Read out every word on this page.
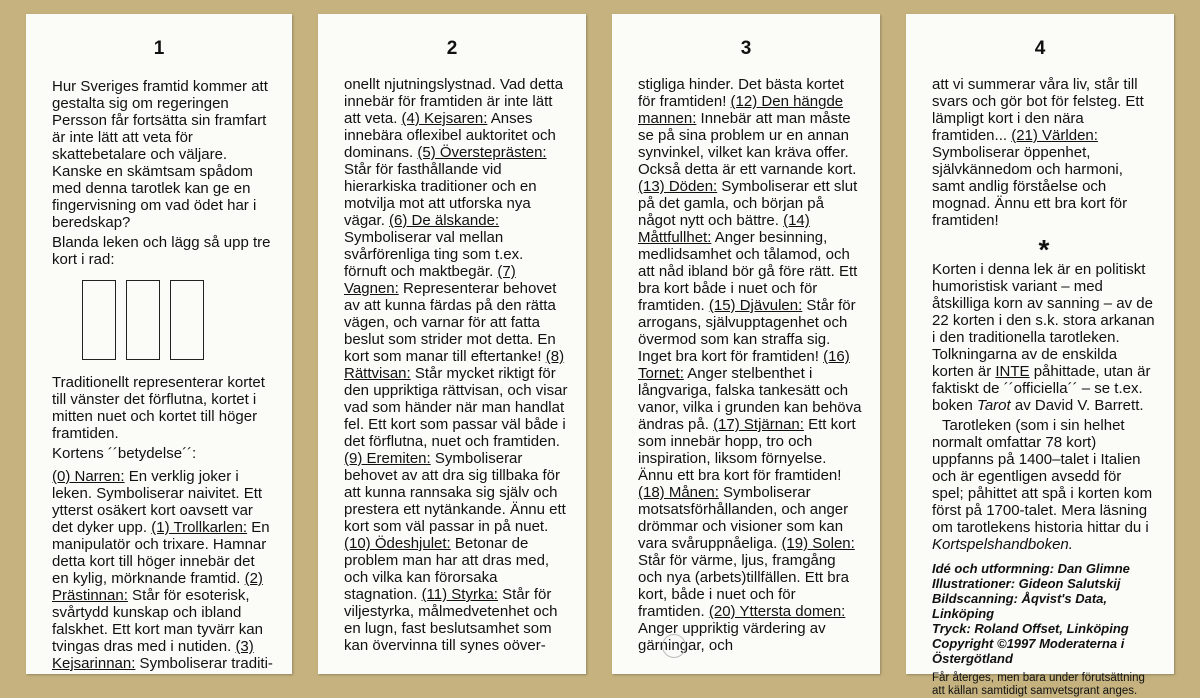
1

Hur Sveriges framtid kommer att gestalta sig om regeringen Persson får fortsätta sin framfart är inte lätt att veta för skattebetalare och väljare. Kanske en skämtsam spådom med denna tarotlek kan ge en fingervisning om vad ödet har i beredskap?

Blanda leken och lägg så upp tre kort i rad:

Traditionellt representerar kortet till vänster det förflutna, kortet i mitten nuet och kortet till höger framtiden.

Kortens ´´betydelse´´:

(0) Narren: En verklig joker i leken. Symboliserar naivitet. Ett ytterst osäkert kort oavsett var det dyker upp. (1) Trollkarlen: En manipulatör och trixare. Hamnar detta kort till höger innebär det en kylig, mörknande framtid. (2) Prästinnan: Står för esoterisk, svårtydd kunskap och ibland falskhet. Ett kort man tyvärr kan tvingas dras med i nutiden. (3) Kejsarinnan: Symboliserar traditi-

2

onellt njutningslystnad. Vad detta innebär för framtiden är inte lätt att veta. (4) Kejsaren: Anses innebära oflexibel auktoritet och dominans. (5) Översteprästen: Står för fasthållande vid hierarkiska traditioner och en motvilja mot att utforska nya vägar. (6) De älskande: Symboliserar val mellan svårförenliga ting som t.ex. förnuft och maktbegär. (7) Vagnen: Representerar behovet av att kunna färdas på den rätta vägen, och varnar för att fatta beslut som strider mot detta. En kort som manar till eftertanke! (8) Rättvisan: Står mycket riktigt för den uppriktiga rättvisan, och visar vad som händer när man handlat fel. Ett kort som passar väl både i det förflutna, nuet och framtiden. (9) Eremiten: Symboliserar behovet av att dra sig tillbaka för att kunna rannsaka sig själv och prestera ett nytänkande. Ännu ett kort som väl passar in på nuet. (10) Ödeshjulet: Betonar de problem man har att dras med, och vilka kan förorsaka stagnation. (11) Styrka: Står för viljestyrka, målmedvetenhet och en lugn, fast beslutsamhet som kan övervinna till synes oöver-

3

stigliga hinder. Det bästa kortet för framtiden! (12) Den hängde mannen: Innebär att man måste se på sina problem ur en annan synvinkel, vilket kan kräva offer. Också detta är ett varnande kort. (13) Döden: Symboliserar ett slut på det gamla, och början på något nytt och bättre. (14) Måttfullhet: Anger besinning, medlidsamhet och tålamod, och att nåd ibland bör gå före rätt. Ett bra kort både i nuet och för framtiden. (15) Djävulen: Står för arrogans, självupptagenhet och övermod som kan straffa sig. Inget bra kort för framtiden! (16) Tornet: Anger stelbenthet i långvariga, falska tankesätt och vanor, vilka i grunden kan behöva ändras på. (17) Stjärnan: Ett kort som innebär hopp, tro och inspiration, liksom förnyelse. Ännu ett bra kort för framtiden! (18) Månen: Symboliserar motsatsförhållanden, och anger drömmar och visioner som kan vara svåruppnåeliga. (19) Solen: Står för värme, ljus, framgång och nya (arbets)tillfällen. Ett bra kort, både i nuet och för framtiden. (20) Yttersta domen: Anger uppriktig värdering av gärningar, och

4

att vi summerar våra liv, står till svars och gör bot för felsteg. Ett lämpligt kort i den nära framtiden... (21) Världen: Symboliserar öppenhet, självkännedom och harmoni, samt andlig förståelse och mognad. Ännu ett bra kort för framtiden!

*

Korten i denna lek är en politiskt humoristisk variant – med åtskilliga korn av sanning – av de 22 korten i den s.k. stora arkanan i den traditionella tarotleken. Tolkningarna av de enskilda korten är INTE påhittade, utan är faktiskt de ´´officiella´´ – se t.ex. boken Tarot av David V. Barrett.

Tarotleken (som i sin helhet normalt omfattar 78 kort) uppfanns på 1400–talet i Italien och är egentligen avsedd för spel; påhittet att spå i korten kom först på 1700-talet. Mera läsning om tarotlekens historia hittar du i Kortspelshandboken.

Idé och utformning: Dan Glimne
Illustrationer: Gideon Salutskij
Bildscanning: Åqvist's Data, Linköping
Tryck: Roland Offset, Linköping
Copyright ©1997 Moderaterna i Östergötland
Får återges, men bara under förutsättning att källan samtidigt samvetsgrant anges.
